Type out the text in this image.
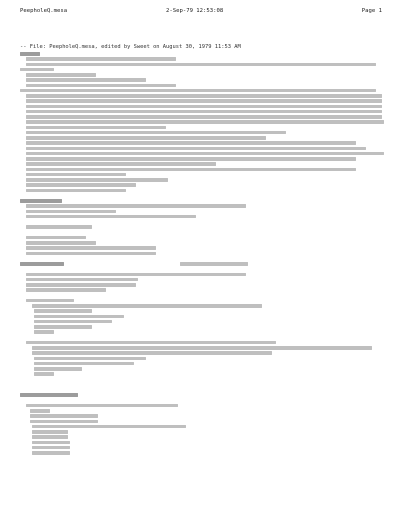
PeepholeQ.mesa	2-Sep-79 12:53:08	Page 1
-- File: PeepholeQ.mesa, edited by Sweet on August 30, 1979 11:53 AM
